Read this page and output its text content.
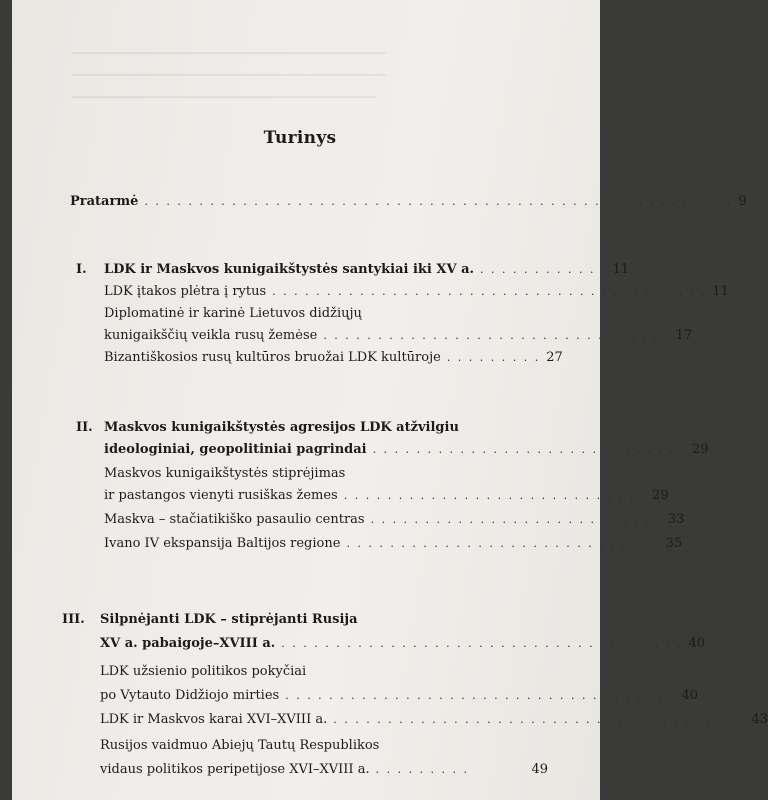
▁▁▁▁▁▁▁▁▁▁▁▁▁▁▁▁▁▁▁▁▁▁▁▁▁▁▁▁▁▁▁▁▁▁
▁▁▁▁▁▁▁▁▁▁▁▁▁▁▁▁▁▁▁▁▁▁▁▁▁▁▁▁▁▁▁▁▁▁
▁▁▁▁▁▁▁▁▁▁▁▁▁▁▁▁▁▁▁▁▁▁▁▁▁▁▁▁▁▁▁▁▁
Turinys
Pratarmė . . . . . . . . . . . . . . . . . . . . . . . . . . . . . . . . . . . . . . . . . . . . . . . . . . . . . . 9
I. LDK ir Maskvos kunigaikštystės santykiai iki XV a. . . . . . . . . . . . . 11
LDK įtakos plėtra į rytus . . . . . . . . . . . . . . . . . . . . . . . . . . . . . . . . . . . . . . . . 11
Diplomatinė ir karinė Lietuvos didžiųjų
kunigaikščių veikla rusų žemėse . . . . . . . . . . . . . . . . . . . . . . . . . . . . . . . . 17
Bizantiškosios rusų kultūros bruožai LDK kultūroje . . . . . . . . . 27
II. Maskvos kunigaikštystės agresijos LDK atžvilgiu
ideologiniai, geopolitiniai pagrindai . . . . . . . . . . . . . . . . . . . . . . . . . . . . . 29
Maskvos kunigaikštystės stiprėjimas
ir pastangos vienyti rusiškas žemes . . . . . . . . . . . . . . . . . . . . . . . . . . . . 29
Maskva – stačiatikiško pasaulio centras . . . . . . . . . . . . . . . . . . . . . . . . . . . 33
Ivano IV ekspansija Baltijos regione . . . . . . . . . . . . . . . . . . . . . . . . . . . . . 35
III. Silpnėjanti LDK – stiprėjanti Rusija
XV a. pabaigoje–XVIII a. . . . . . . . . . . . . . . . . . . . . . . . . . . . . . . . . . . . . . 40
LDK užsienio politikos pokyčiai
po Vytauto Didžiojo mirties . . . . . . . . . . . . . . . . . . . . . . . . . . . . . . . . . . . . 40
LDK ir Maskvos karai XVI–XVIII a. . . . . . . . . . . . . . . . . . . . . . . . . . . . . . . . . . . . . . . 43
Rusijos vaidmuo Abiejų Tautų Respublikos
vidaus politikos peripetijose XVI–XVIII a. . . . . . . . . .	49
